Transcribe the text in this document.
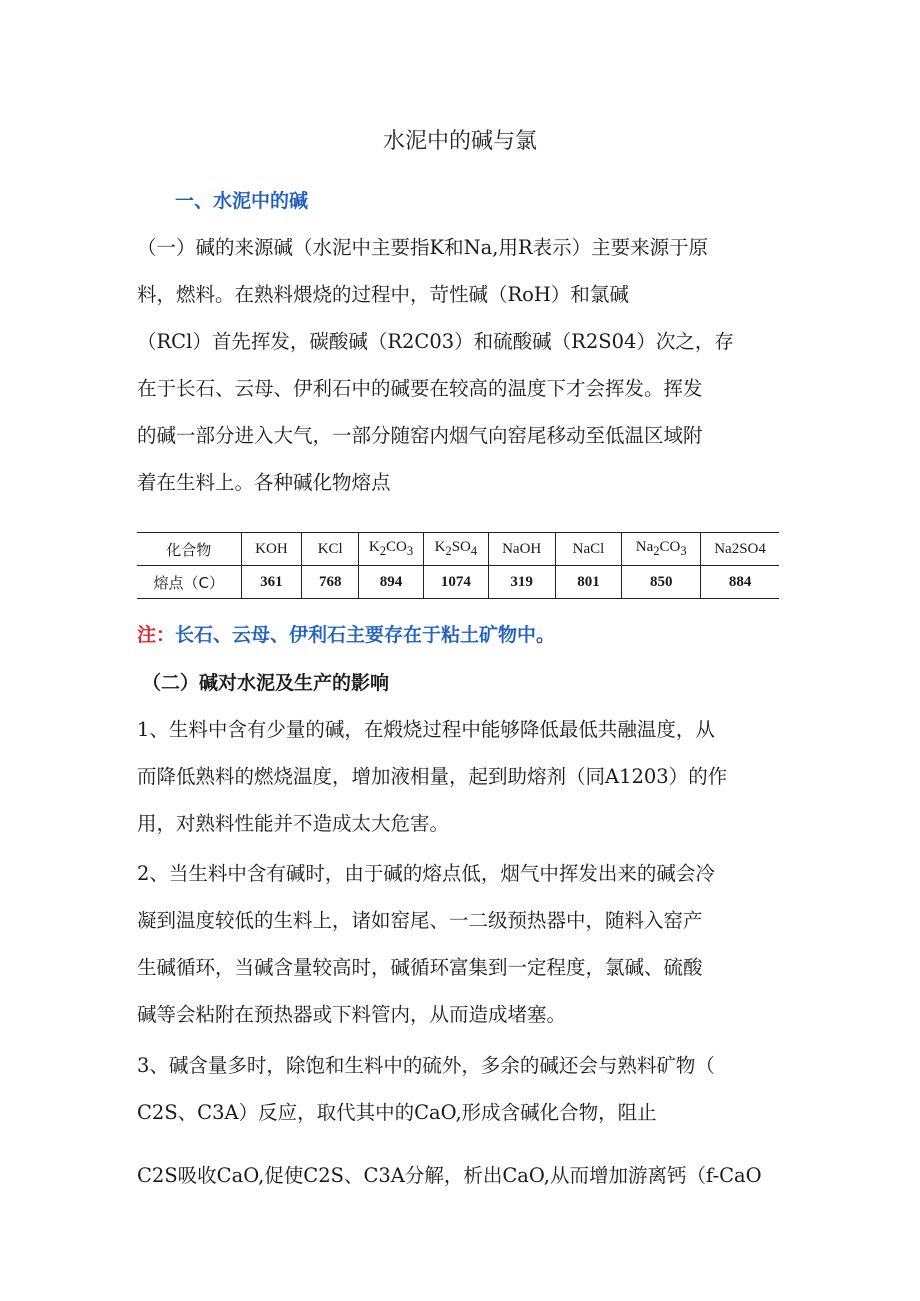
水泥中的碱与氯
一、水泥中的碱
（一）碱的来源碱（水泥中主要指K和Na,用R表示）主要来源于原
料，燃料。在熟料煨烧的过程中，苛性碱（RoH）和氯碱
（RCl）首先挥发，碳酸碱（R2C03）和硫酸碱（R2S04）次之，存
在于长石、云母、伊利石中的碱要在较高的温度下才会挥发。挥发
的碱一部分进入大气，一部分随窑内烟气向窑尾移动至低温区域附
着在生料上。各种碱化物熔点
化合物	KOH	KCl	$K_2CO_3$	$K_2SO_4$	NaOH	NaCl	$Na_2CO_3$	Na2SO4
熔点（C）	361	768	894	1074	319	801	850	884
注：长石、云母、伊利石主要存在于粘土矿物中。
（二）碱对水泥及生产的影响
1、生料中含有少量的碱，在煅烧过程中能够降低最低共融温度，从
而降低熟料的燃烧温度，增加液相量，起到助熔剂（同A1203）的作
用，对熟料性能并不造成太大危害。
2、当生料中含有碱时，由于碱的熔点低，烟气中挥发出来的碱会冷
凝到温度较低的生料上，诸如窑尾、一二级预热器中，随料入窑产
生碱循环，当碱含量较高时，碱循环富集到一定程度，氯碱、硫酸
碱等会粘附在预热器或下料管内，从而造成堵塞。
3、碱含量多时，除饱和生料中的硫外，多余的碱还会与熟料矿物（
C2S、C3A）反应，取代其中的CaO,形成含碱化合物，阻止
C2S吸收CaO,促使C2S、C3A分解，析出CaO,从而增加游离钙（f-CaO
